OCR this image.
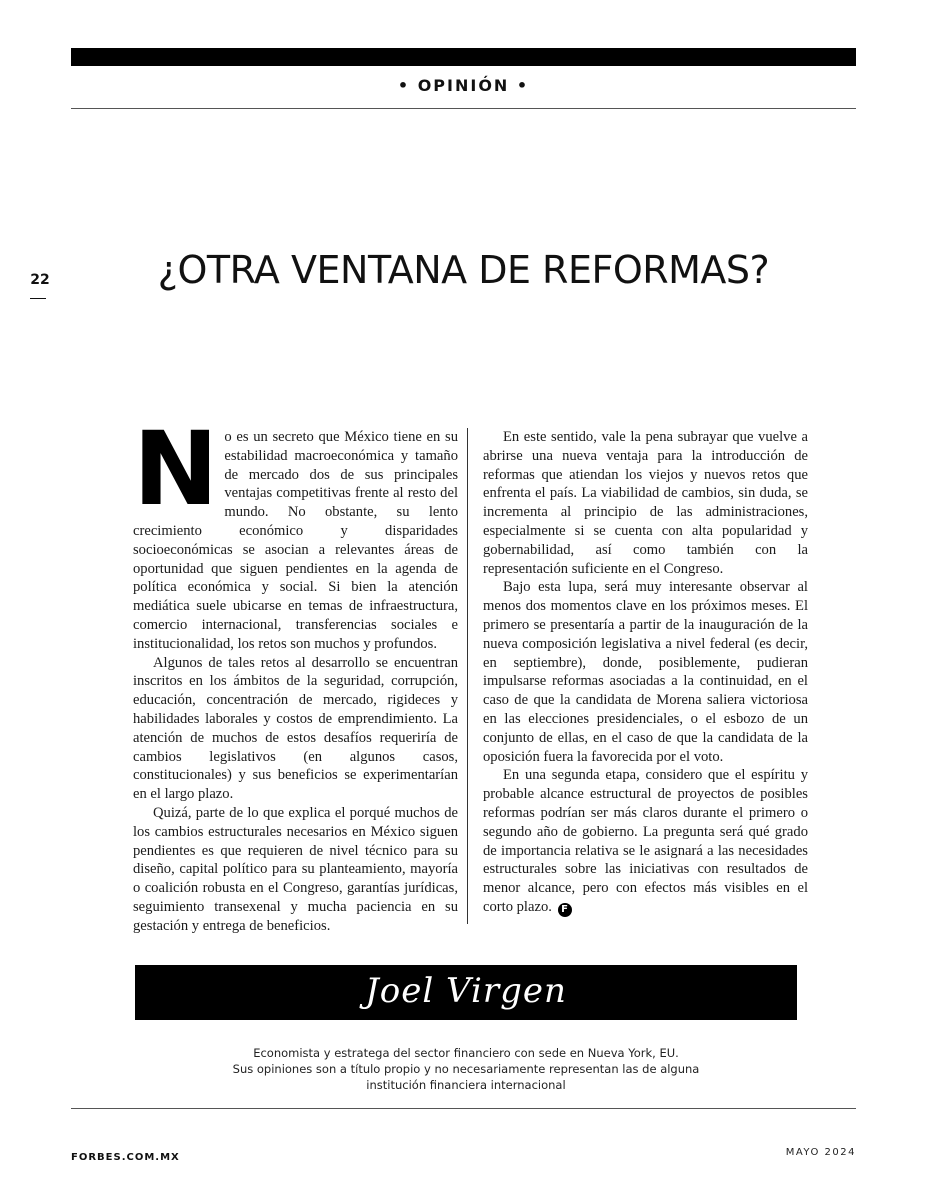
• OPINIÓN •
22	¿OTRA VENTANA DE REFORMAS?

No es un secreto que México tiene en su estabilidad macroeconómica y tamaño de mercado dos de sus principales ventajas competitivas frente al resto del mundo. No obstante, su lento crecimiento económico y disparidades socioeconómicas se asocian a relevantes áreas de oportunidad que siguen pendientes en la agenda de política económica y social. Si bien la atención mediática suele ubicarse en temas de infraestructura, comercio internacional, transferencias sociales e institucionalidad, los retos son muchos y profundos.

Algunos de tales retos al desarrollo se encuentran inscritos en los ámbitos de la seguridad, corrupción, educación, concentración de mercado, rigideces y habilidades laborales y costos de emprendimiento. La atención de muchos de estos desafíos requeriría de cambios legislativos (en algunos casos, constitucionales) y sus beneficios se experimentarían en el largo plazo.

Quizá, parte de lo que explica el porqué muchos de los cambios estructurales necesarios en México siguen pendientes es que requieren de nivel técnico para su diseño, capital político para su planteamiento, mayoría o coalición robusta en el Congreso, garantías jurídicas, seguimiento transexenal y mucha paciencia en su gestación y entrega de beneficios.

En este sentido, vale la pena subrayar que vuelve a abrirse una nueva ventaja para la introducción de reformas que atiendan los viejos y nuevos retos que enfrenta el país. La viabilidad de cambios, sin duda, se incrementa al principio de las administraciones, especialmente si se cuenta con alta popularidad y gobernabilidad, así como también con la representación suficiente en el Congreso.

Bajo esta lupa, será muy interesante observar al menos dos momentos clave en los próximos meses. El primero se presentaría a partir de la inauguración de la nueva composición legislativa a nivel federal (es decir, en septiembre), donde, posiblemente, pudieran impulsarse reformas asociadas a la continuidad, en el caso de que la candidata de Morena saliera victoriosa en las elecciones presidenciales, o el esbozo de un conjunto de ellas, en el caso de que la candidata de la oposición fuera la favorecida por el voto.

En una segunda etapa, considero que el espíritu y probable alcance estructural de proyectos de posibles reformas podrían ser más claros durante el primero o segundo año de gobierno. La pregunta será qué grado de importancia relativa se le asignará a las necesidades estructurales sobre las iniciativas con resultados de menor alcance, pero con efectos más visibles en el corto plazo. F

Joel Virgen
Economista y estratega del sector financiero con sede en Nueva York, EU.
Sus opiniones son a título propio y no necesariamente representan las de alguna
institución financiera internacional
FORBES.COM.MX	MAYO 2024
